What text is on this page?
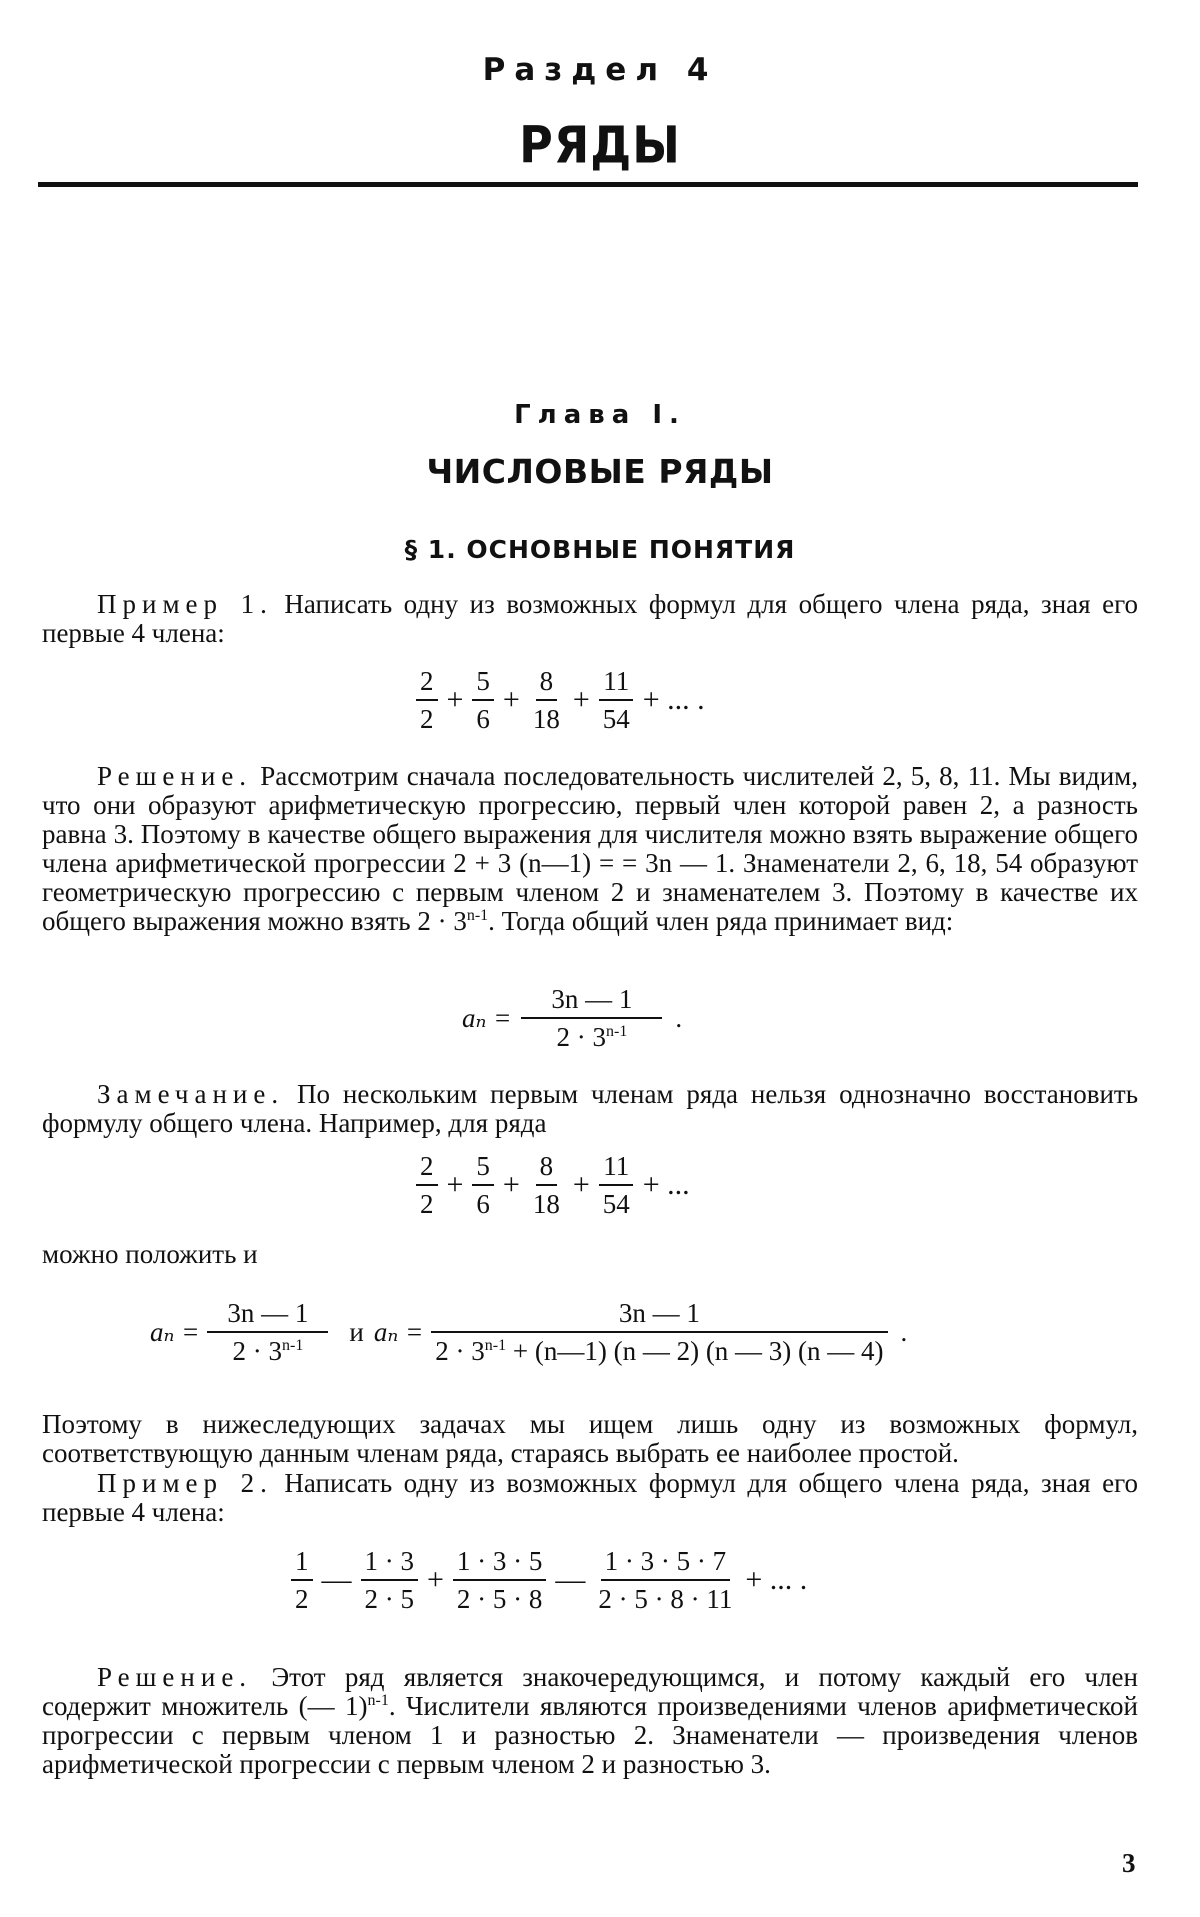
Раздел 4
РЯДЫ
Глава I.
ЧИСЛОВЫЕ РЯДЫ
§ 1. ОСНОВНЫЕ ПОНЯТИЯ
Пример 1. Написать одну из возможных формул для общего члена ряда, зная его первые 4 члена:
$\frac{2}{2} + \frac{5}{6} + \frac{8}{18} + \frac{11}{54}$ + ... .
Решение. Рассмотрим сначала последовательность числителей 2, 5, 8, 11. Мы видим, что они образуют арифметическую прогрессию, первый член которой равен 2, а разность равна 3. Поэтому в качестве общего выражения для числителя можно взять выражение общего члена арифметической прогрессии 2 + 3 (n—1) = = 3n — 1. Знаменатели 2, 6, 18, 54 образуют геометрическую прогрессию с первым членом 2 и знаменателем 3. Поэтому в качестве их общего выражения можно взять $2 \cdot 3^{n-1}$. Тогда общий член ряда принимает вид:
$a_n = \frac{3n — 1}{2 \cdot 3^{n-1}}$ .
Замечание. По нескольким первым членам ряда нельзя однозначно восстановить формулу общего члена. Например, для ряда
$\frac{2}{2} + \frac{5}{6} + \frac{8}{18} + \frac{11}{54}$ + ...
можно положить и
$a_n = \frac{3n — 1}{2 \cdot 3^{n-1}}$ и $a_n = \frac{3n — 1}{2 \cdot 3^{n-1} + (n—1) (n — 2) (n — 3) (n — 4)}$ .
Поэтому в нижеследующих задачах мы ищем лишь одну из возможных формул, соответствующую данным членам ряда, стараясь выбрать ее наиболее простой.
Пример 2. Написать одну из возможных формул для общего члена ряда, зная его первые 4 члена:
$\frac{1}{2}$ — $\frac{1 \cdot 3}{2 \cdot 5} + \frac{1 \cdot 3 \cdot 5}{2 \cdot 5 \cdot 8}$ — $\frac{1 \cdot 3 \cdot 5 \cdot 7}{2 \cdot 5 \cdot 8 \cdot 11}$ + ... .
Решение. Этот ряд является знакочередующимся, и потому каждый его член содержит множитель (— 1)$^{n-1}$. Числители являются произведениями членов арифметической прогрессии с первым членом 1 и разностью 2. Знаменатели — произведения членов арифметической прогрессии с первым членом 2 и разностью 3.
3
